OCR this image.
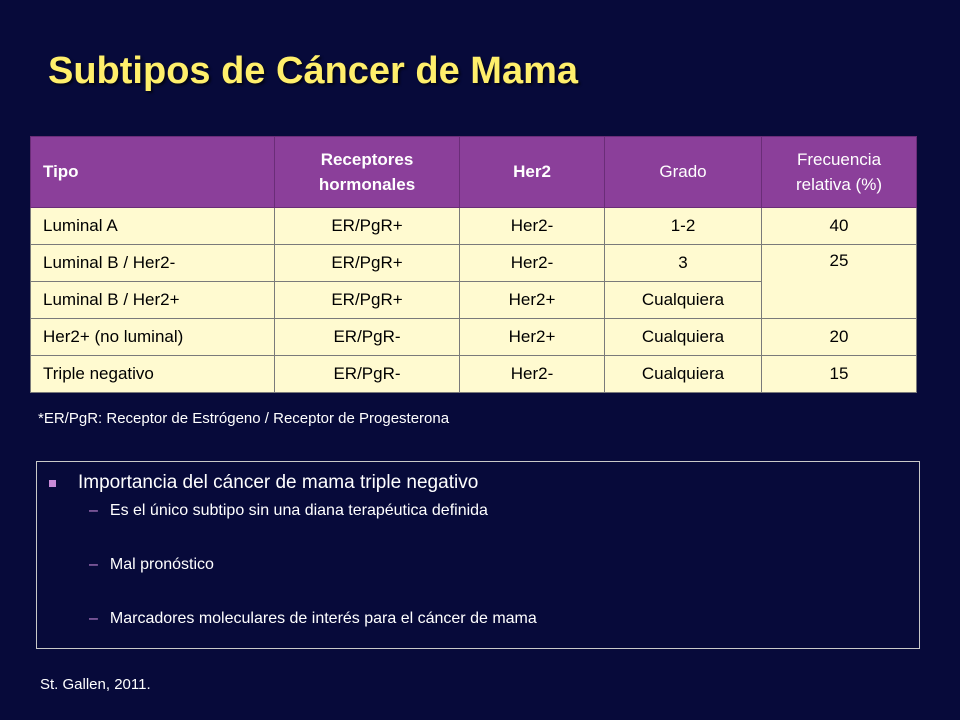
Subtipos de Cáncer de Mama
Tipo	Receptores hormonales	Her2	Grado	Frecuencia relativa (%)
Luminal A	ER/PgR+	Her2-	1-2	40
Luminal B / Her2-	ER/PgR+	Her2-	3	25
Luminal B / Her2+	ER/PgR+	Her2+	Cualquiera	
Her2+ (no luminal)	ER/PgR-	Her2+	Cualquiera	20
Triple negativo	ER/PgR-	Her2-	Cualquiera	15
*ER/PgR: Receptor de Estrógeno / Receptor de Progesterona
Importancia del cáncer de mama triple negativo
– Es el único subtipo sin una diana terapéutica definida
– Mal pronóstico
– Marcadores moleculares de interés para el cáncer de mama
St. Gallen, 2011.
